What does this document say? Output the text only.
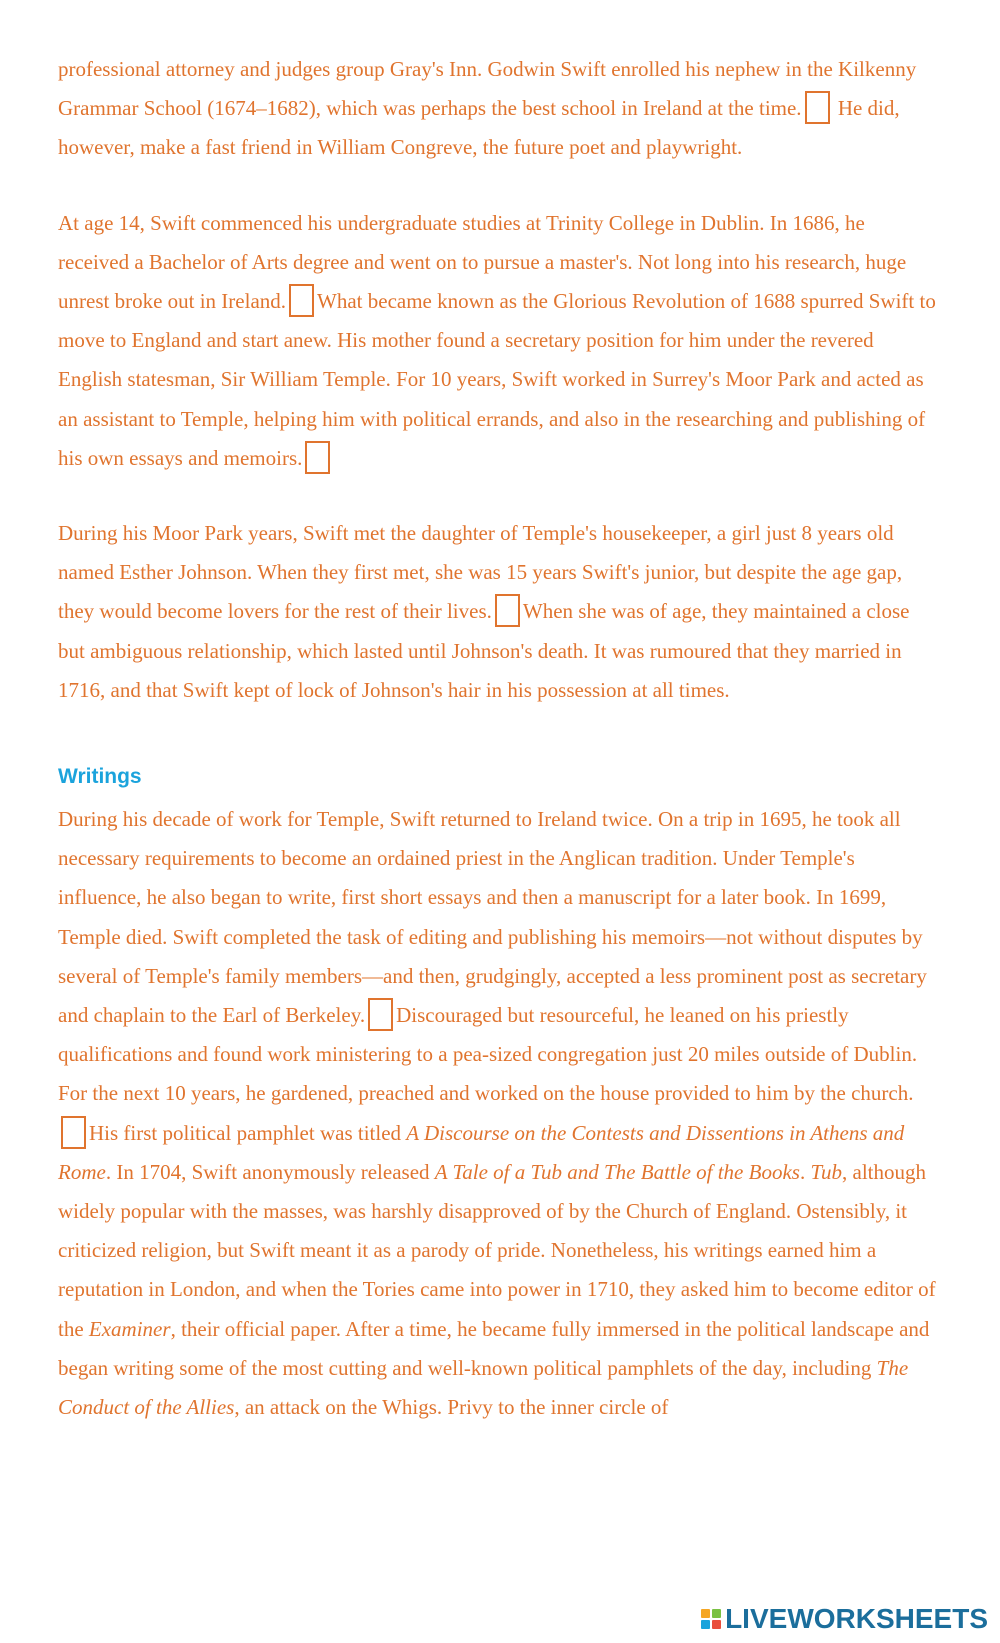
professional attorney and judges group Gray's Inn. Godwin Swift enrolled his nephew in the Kilkenny Grammar School (1674–1682), which was perhaps the best school in Ireland at the time. He did, however, make a fast friend in William Congreve, the future poet and playwright.

At age 14, Swift commenced his undergraduate studies at Trinity College in Dublin. In 1686, he received a Bachelor of Arts degree and went on to pursue a master's. Not long into his research, huge unrest broke out in Ireland. What became known as the Glorious Revolution of 1688 spurred Swift to move to England and start anew. His mother found a secretary position for him under the revered English statesman, Sir William Temple. For 10 years, Swift worked in Surrey's Moor Park and acted as an assistant to Temple, helping him with political errands, and also in the researching and publishing of his own essays and memoirs.

During his Moor Park years, Swift met the daughter of Temple's housekeeper, a girl just 8 years old named Esther Johnson. When they first met, she was 15 years Swift's junior, but despite the age gap, they would become lovers for the rest of their lives. When she was of age, they maintained a close but ambiguous relationship, which lasted until Johnson's death. It was rumoured that they married in 1716, and that Swift kept of lock of Johnson's hair in his possession at all times.

Writings

During his decade of work for Temple, Swift returned to Ireland twice. On a trip in 1695, he took all necessary requirements to become an ordained priest in the Anglican tradition. Under Temple's influence, he also began to write, first short essays and then a manuscript for a later book. In 1699, Temple died. Swift completed the task of editing and publishing his memoirs—not without disputes by several of Temple's family members—and then, grudgingly, accepted a less prominent post as secretary and chaplain to the Earl of Berkeley. Discouraged but resourceful, he leaned on his priestly qualifications and found work ministering to a pea-sized congregation just 20 miles outside of Dublin. For the next 10 years, he gardened, preached and worked on the house provided to him by the church.His first political pamphlet was titled A Discourse on the Contests and Dissentions in Athens and Rome. In 1704, Swift anonymously released A Tale of a Tub and The Battle of the Books. Tub, although widely popular with the masses, was harshly disapproved of by the Church of England. Ostensibly, it criticized religion, but Swift meant it as a parody of pride. Nonetheless, his writings earned him a reputation in London, and when the Tories came into power in 1710, they asked him to become editor of the Examiner, their official paper. After a time, he became fully immersed in the political landscape and began writing some of the most cutting and well-known political pamphlets of the day, including The Conduct of the Allies, an attack on the Whigs. Privy to the inner circle of

LIVEWORKSHEETS
